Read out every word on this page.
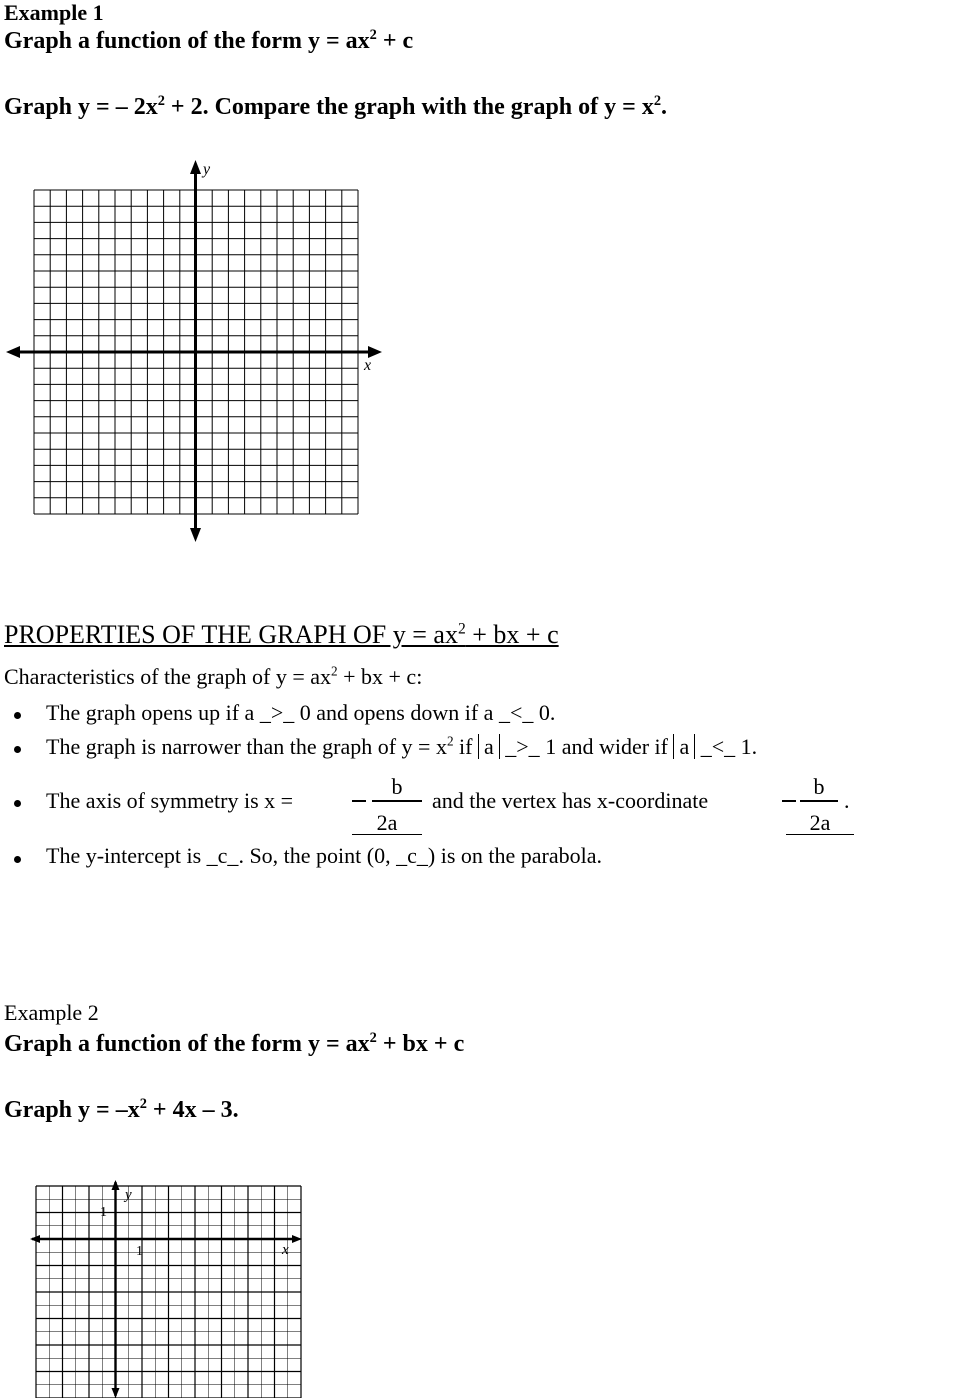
Example 1
Graph a function of the form $y = ax^2 + c$
Graph y = – $2x^2 + 2$. Compare the graph with the graph of $y = x^2$.
y
x
PROPERTIES OF THE GRAPH OF $y = ax^2$ + bx + c
Characteristics of the graph of $y = ax^2$ + bx + c:
The graph opens up if a _>_ 0 and opens down if a _<_ 0.
The graph is narrower than the graph of $y = x^2$ if a _>_ 1 and wider if a _<_ 1.
The axis of symmetry is x =
b
2a
and the vertex has x-coordinate
b
.
2a
The y-intercept is _c_. So, the point (0, _c_) is on the parabola.
Example 2
Graph a function of the form $y = ax^2$ + bx + c
Graph $y = -x^2 + 4x - 3$.
y
x
1
1
